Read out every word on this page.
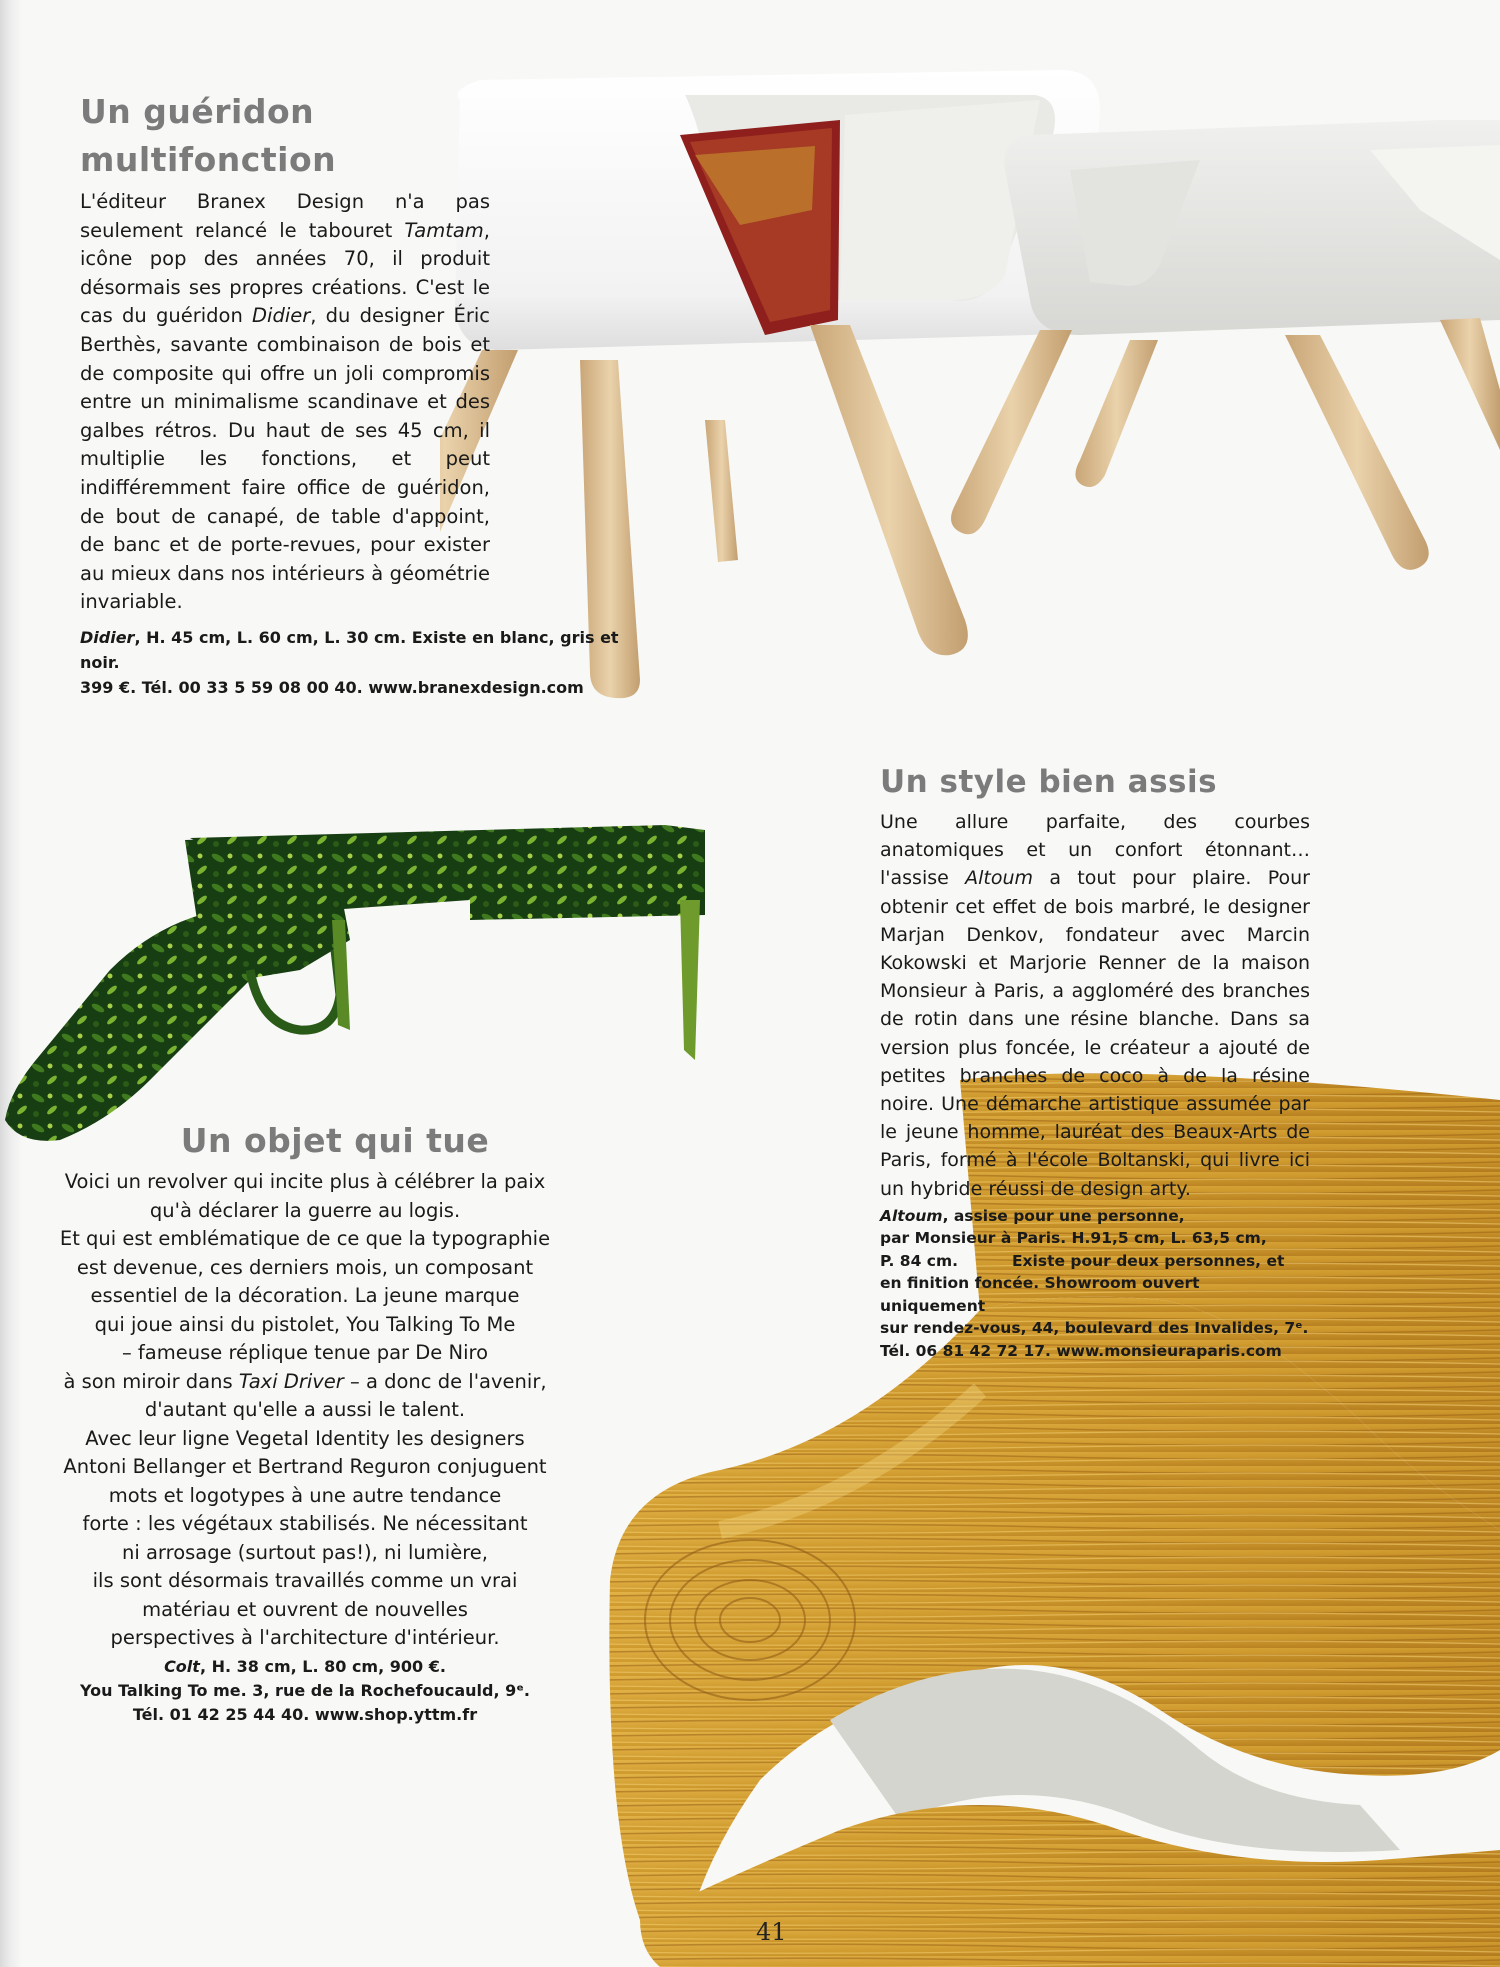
Un guéridon
multifonction
L'éditeur Branex Design n'a pas seulement relancé le tabouret Tamtam, icône pop des années 70, il produit désormais ses propres créations. C'est le cas du guéridon Didier, du designer Éric Berthès, savante combinaison de bois et de composite qui offre un joli compromis entre un minimalisme scandinave et des galbes rétros. Du haut de ses 45 cm, il multiplie les fonctions, et peut indifféremment faire office de guéridon, de bout de canapé, de table d'appoint, de banc et de porte-revues, pour exister au mieux dans nos intérieurs à géométrie invariable.
Didier, H. 45 cm, L. 60 cm, L. 30 cm. Existe en blanc, gris et noir.
399 €. Tél. 00 33 5 59 08 00 40. www.branexdesign.com
Un objet qui tue

Voici un revolver qui incite plus à célébrer la paix

qu'à déclarer la guerre au logis.

Et qui est emblématique de ce que la typographie

est devenue, ces derniers mois, un composant

essentiel de la décoration. La jeune marque

qui joue ainsi du pistolet, You Talking To Me

– fameuse réplique tenue par De Niro

à son miroir dans Taxi Driver – a donc de l'avenir,

d'autant qu'elle a aussi le talent.

Avec leur ligne Vegetal Identity les designers

Antoni Bellanger et Bertrand Reguron conjuguent

mots et logotypes à une autre tendance

forte : les végétaux stabilisés. Ne nécessitant

ni arrosage (surtout pas!), ni lumière,

ils sont désormais travaillés comme un vrai

matériau et ouvrent de nouvelles

perspectives à l'architecture d'intérieur.

Colt, H. 38 cm, L. 80 cm, 900 €.

You Talking To me. 3, rue de la Rochefoucauld, 9ᵉ.

Tél. 01 42 25 44 40. www.shop.yttm.fr

Un style bien assis
Une allure parfaite, des courbes anatomiques et un confort étonnant… l'assise Altoum a tout pour plaire. Pour obtenir cet effet de bois marbré, le designer Marjan Denkov, fondateur avec Marcin Kokowski et Marjorie Renner de la maison Monsieur à Paris, a aggloméré des branches de rotin dans une résine blanche. Dans sa version plus foncée, le créateur a ajouté de petites branches de coco à de la résine noire. Une démarche artistique assumée par le jeune homme, lauréat des Beaux-Arts de Paris, formé à l'école Boltanski, qui livre ici un hybride réussi de design arty.

Altoum, assise pour une personne,

par Monsieur à Paris. H.91,5 cm, L. 63,5 cm,

P. 84 cm.          Existe pour deux personnes, et

en finition foncée. Showroom ouvert uniquement

sur rendez-vous, 44, boulevard des Invalides, 7ᵉ.

Tél. 06 81 42 72 17. www.monsieuraparis.com

41
